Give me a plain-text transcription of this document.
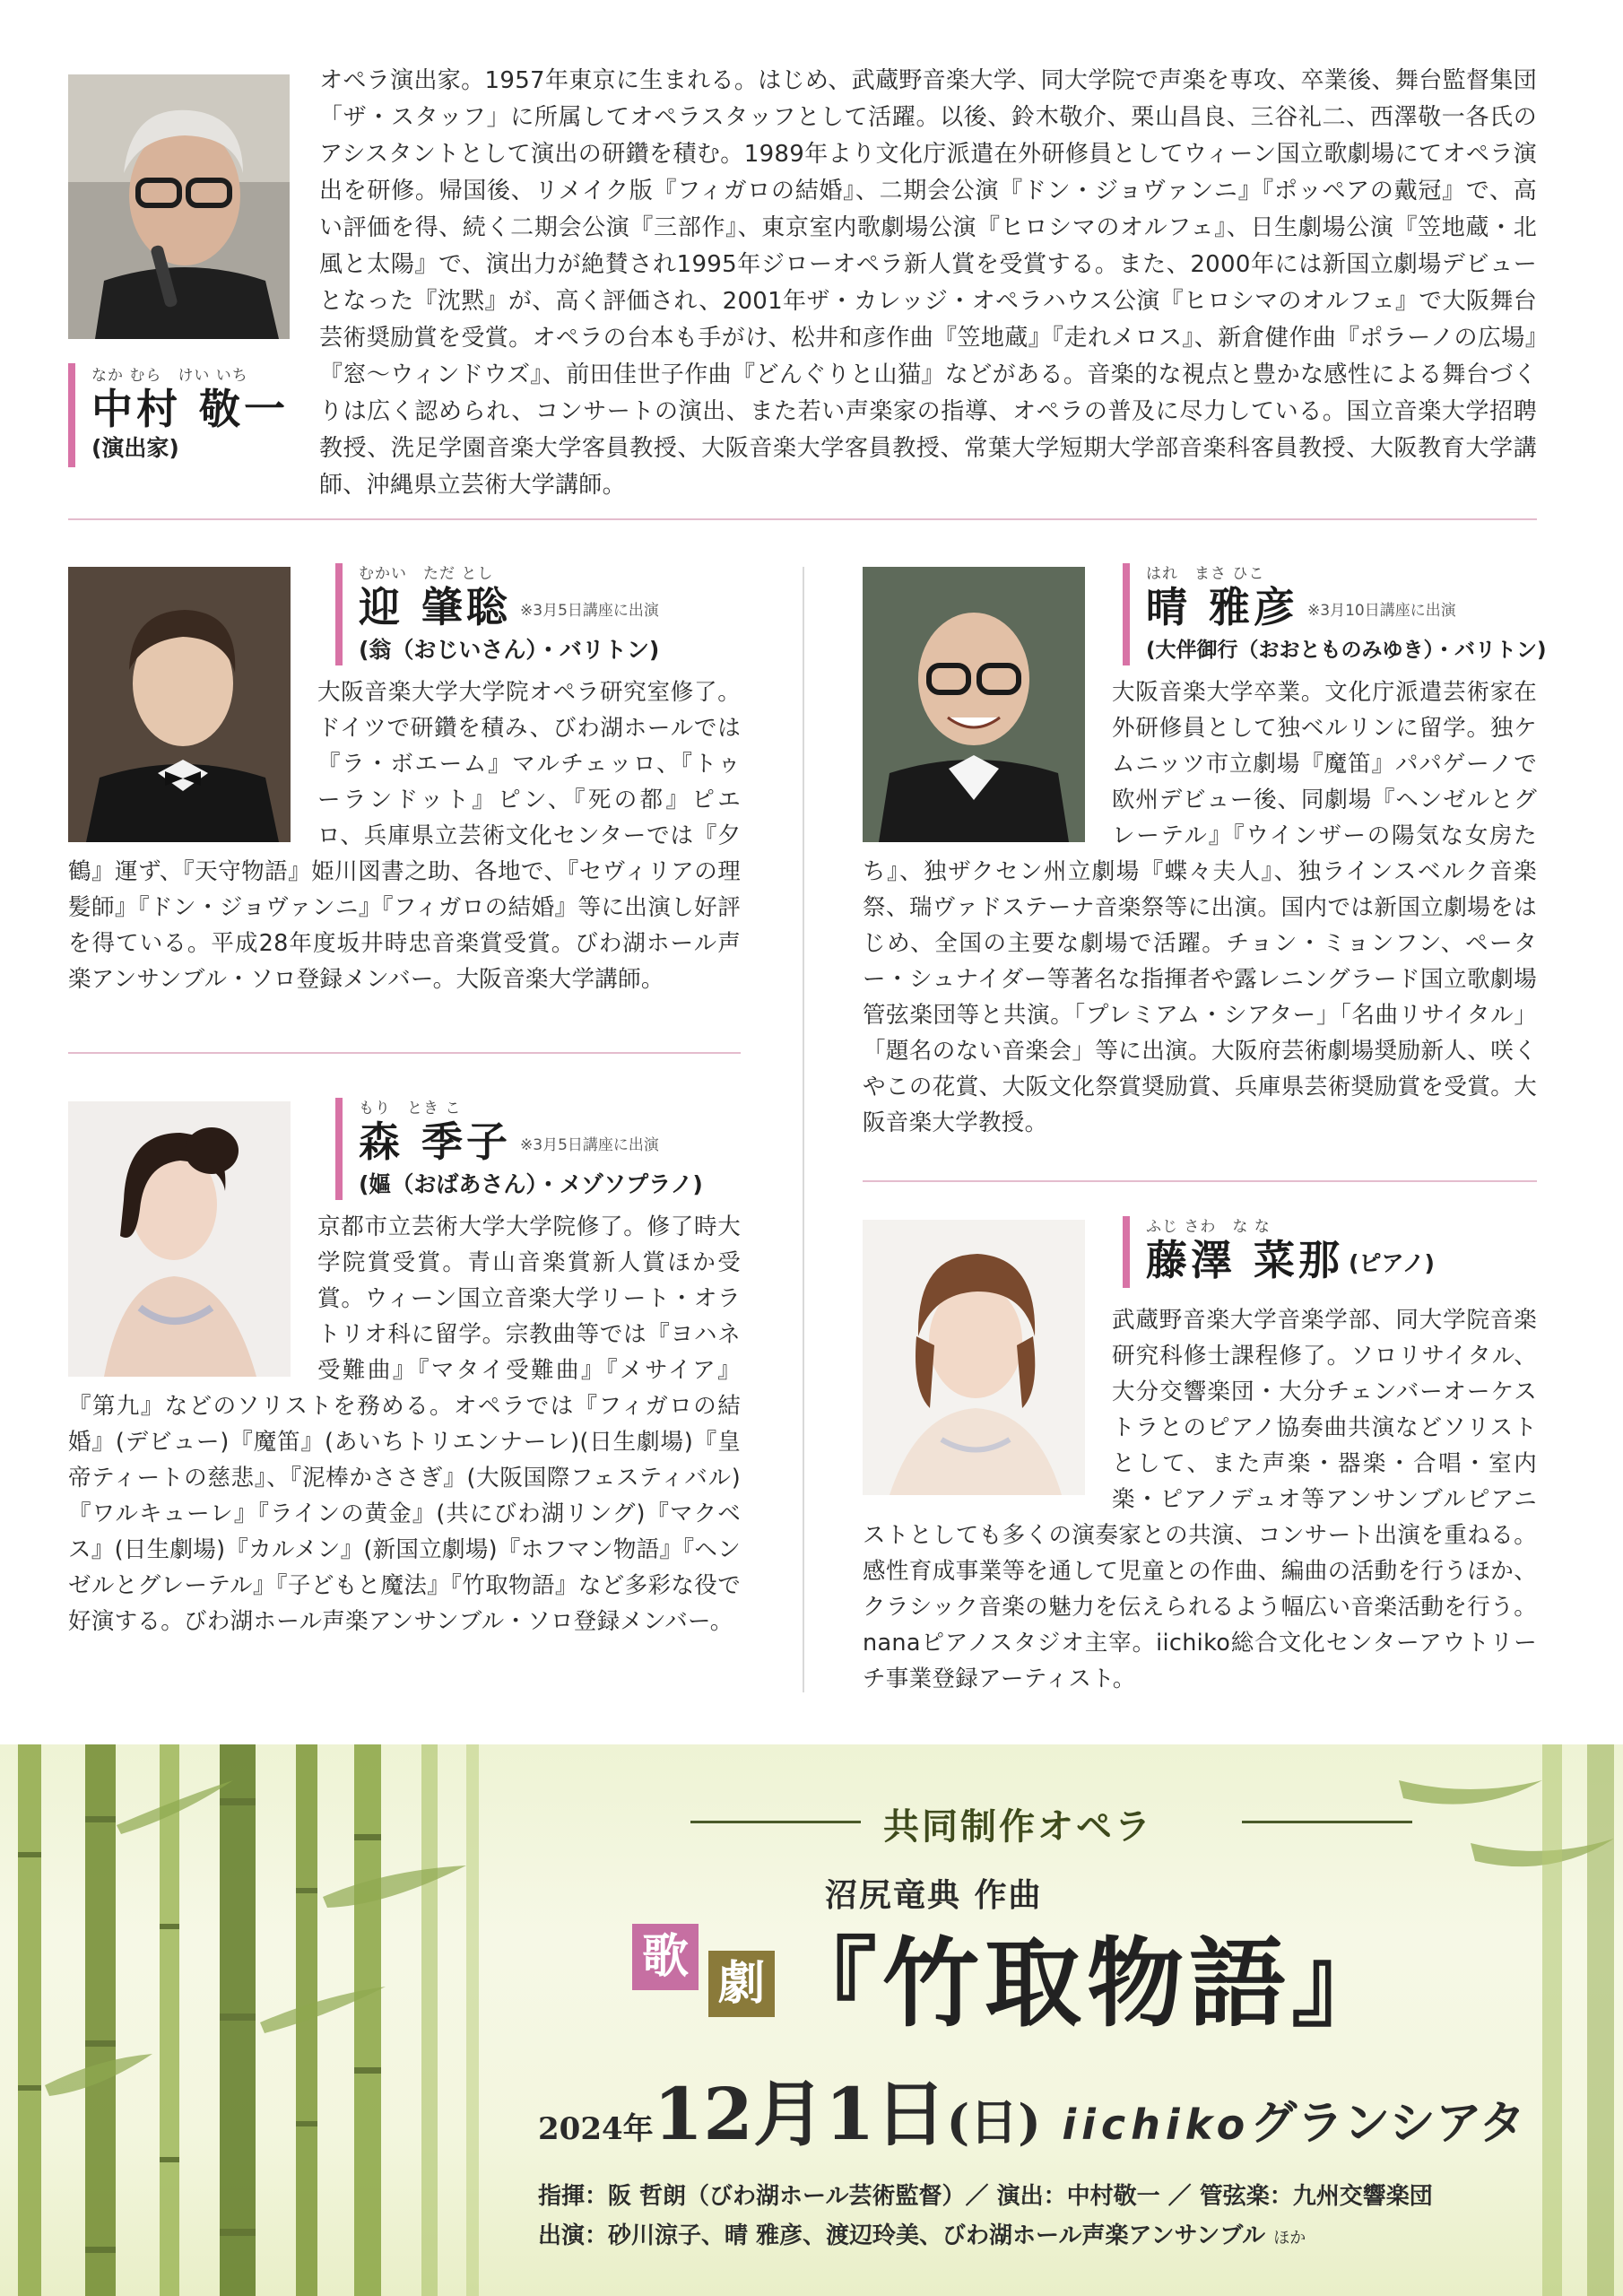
なか むら　けい いち
中村 敬一
(演出家)
オペラ演出家。1957年東京に生まれる。はじめ、武蔵野音楽大学、同大学院で声楽を専攻、卒業後、舞台監督集団「ザ・スタッフ」に所属してオペラスタッフとして活躍。以後、鈴木敬介、栗山昌良、三谷礼二、西澤敬一各氏のアシスタントとして演出の研鑽を積む。1989年より文化庁派遣在外研修員としてウィーン国立歌劇場にてオペラ演出を研修。帰国後、リメイク版『フィガロの結婚』、二期会公演『ドン・ジョヴァンニ』『ポッペアの戴冠』で、高い評価を得、続く二期会公演『三部作』、東京室内歌劇場公演『ヒロシマのオルフェ』、日生劇場公演『笠地蔵・北風と太陽』で、演出力が絶賛され1995年ジローオペラ新人賞を受賞する。また、2000年には新国立劇場デビューとなった『沈黙』が、高く評価され、2001年ザ・カレッジ・オペラハウス公演『ヒロシマのオルフェ』で大阪舞台芸術奨励賞を受賞。オペラの台本も手がけ、松井和彦作曲『笠地蔵』『走れメロス』、新倉健作曲『ポラーノの広場』『窓〜ウィンドウズ』、前田佳世子作曲『どんぐりと山猫』などがある。音楽的な視点と豊かな感性による舞台づくりは広く認められ、コンサートの演出、また若い声楽家の指導、オペラの普及に尽力している。国立音楽大学招聘教授、洗足学園音楽大学客員教授、大阪音楽大学客員教授、常葉大学短期大学部音楽科客員教授、大阪教育大学講師、沖縄県立芸術大学講師。
むかい　ただ とし
迎 肇聡 ※3月5日講座に出演
(翁（おじいさん）・バリトン)
大阪音楽大学大学院オペラ研究室修了。ドイツで研鑽を積み、びわ湖ホールでは『ラ・ボエーム』マルチェッロ、『トゥーランドット』ピン、『死の都』ピエロ、兵庫県立芸術文化センターでは『夕鶴』運ず、『天守物語』姫川図書之助、各地で、『セヴィリアの理髪師』『ドン・ジョヴァンニ』『フィガロの結婚』等に出演し好評を得ている。平成28年度坂井時忠音楽賞受賞。びわ湖ホール声楽アンサンブル・ソロ登録メンバー。大阪音楽大学講師。
もり　とき こ
森 季子 ※3月5日講座に出演
(嫗（おばあさん）・メゾソプラノ)
京都市立芸術大学大学院修了。修了時大学院賞受賞。青山音楽賞新人賞ほか受賞。ウィーン国立音楽大学リート・オラトリオ科に留学。宗教曲等では『ヨハネ受難曲』『マタイ受難曲』『メサイア』『第九』などのソリストを務める。オペラでは『フィガロの結婚』(デビュー)『魔笛』(あいちトリエンナーレ)(日生劇場)『皇帝ティートの慈悲』、『泥棒かささぎ』(大阪国際フェスティバル)『ワルキューレ』『ラインの黄金』(共にびわ湖リング)『マクベス』(日生劇場)『カルメン』(新国立劇場)『ホフマン物語』『ヘンゼルとグレーテル』『子どもと魔法』『竹取物語』など多彩な役で好演する。びわ湖ホール声楽アンサンブル・ソロ登録メンバー。
はれ　まさ ひこ
晴 雅彦 ※3月10日講座に出演
(大伴御行（おおとものみゆき）・バリトン)
大阪音楽大学卒業。文化庁派遣芸術家在外研修員として独ベルリンに留学。独ケムニッツ市立劇場『魔笛』パパゲーノで欧州デビュー後、同劇場『ヘンゼルとグレーテル』『ウインザーの陽気な女房たち』、独ザクセン州立劇場『蝶々夫人』、独ラインスベルク音楽祭、瑞ヴァドステーナ音楽祭等に出演。国内では新国立劇場をはじめ、全国の主要な劇場で活躍。チョン・ミョンフン、ペーター・シュナイダー等著名な指揮者や露レニングラード国立歌劇場管弦楽団等と共演。「プレミアム・シアター」「名曲リサイタル」「題名のない音楽会」等に出演。大阪府芸術劇場奨励新人、咲くやこの花賞、大阪文化祭賞奨励賞、兵庫県芸術奨励賞を受賞。大阪音楽大学教授。
ふじ さわ　な な
藤澤 菜那 (ピアノ)
武蔵野音楽大学音楽学部、同大学院音楽研究科修士課程修了。ソロリサイタル、大分交響楽団・大分チェンバーオーケストラとのピアノ協奏曲共演などソリストとして、また声楽・器楽・合唱・室内楽・ピアノデュオ等アンサンブルピアニストとしても多くの演奏家との共演、コンサート出演を重ねる。感性育成事業等を通して児童との作曲、編曲の活動を行うほか、クラシック音楽の魅力を伝えられるよう幅広い音楽活動を行う。nanaピアノスタジオ主宰。iichiko総合文化センターアウトリーチ事業登録アーティスト。
共同制作オペラ
沼尻竜典 作曲
歌 劇 『竹取物語』
2024年12月1日(日) iichikoグランシアタ
指揮：阪 哲朗（びわ湖ホール芸術監督）／ 演出：中村敬一 ／ 管弦楽：九州交響楽団
出演：砂川涼子、晴 雅彦、渡辺玲美、びわ湖ホール声楽アンサンブル ほか
